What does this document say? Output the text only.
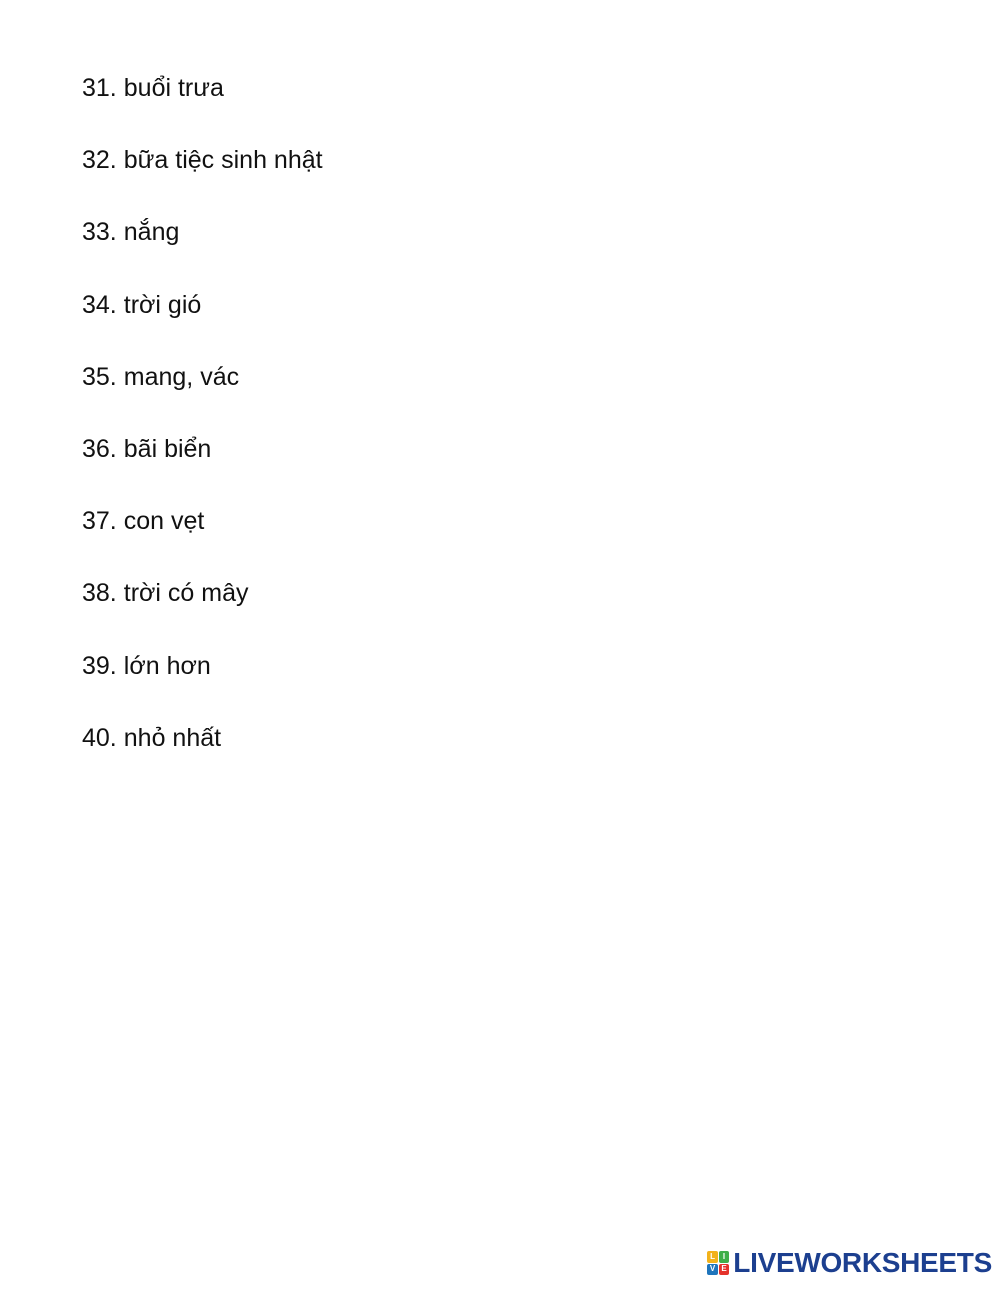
31. buổi trưa
32. bữa tiệc sinh nhật
33. nắng
34. trời gió
35. mang, vác
36. bãi biển
37. con vẹt
38. trời có mây
39. lớn hơn
40. nhỏ nhất
L I
V E LIVEWORKSHEETS
